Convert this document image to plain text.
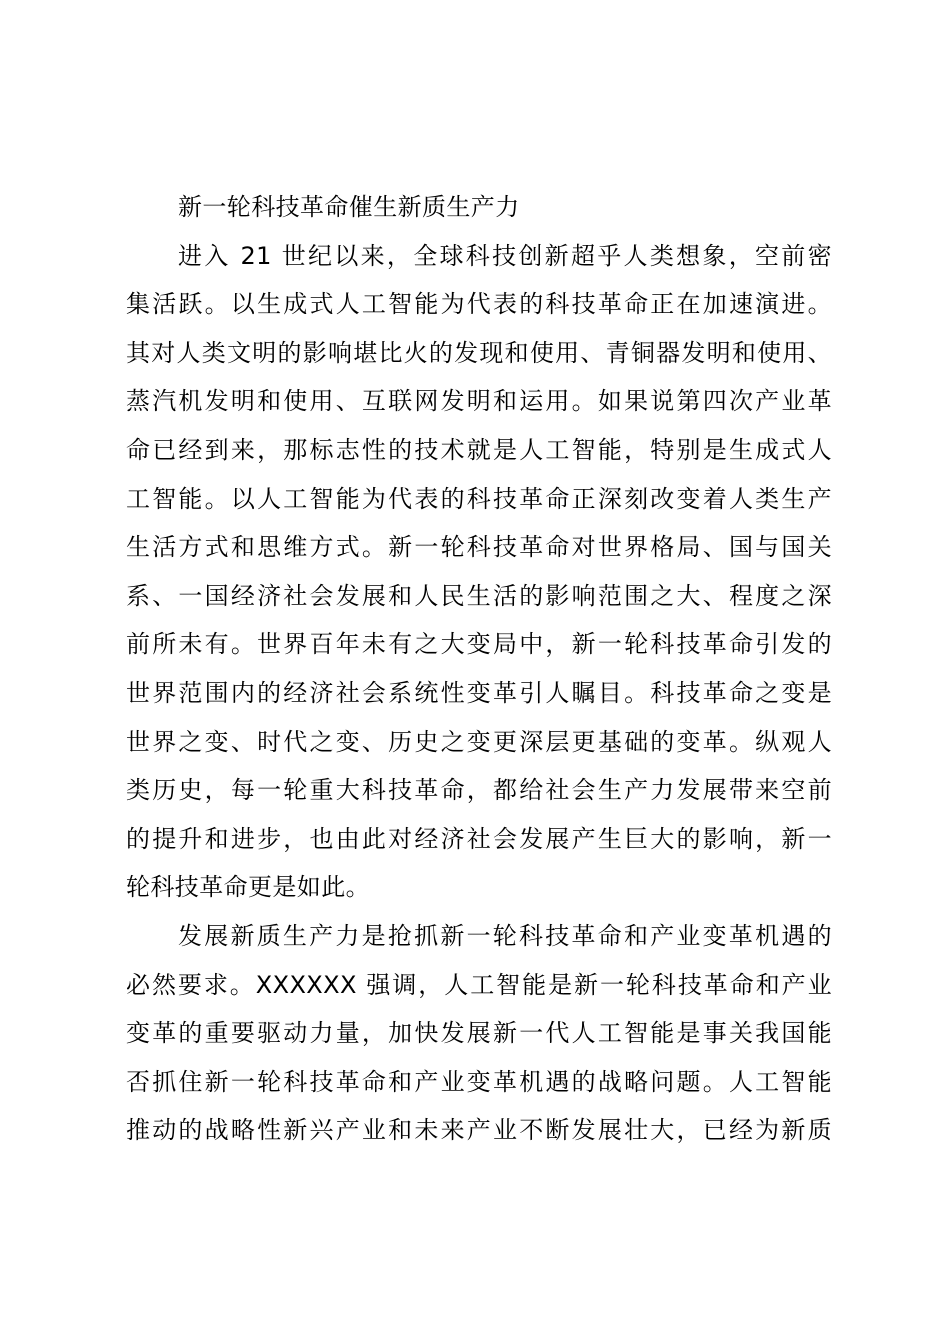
新一轮科技革命催生新质生产力
进入 21 世纪以来，全球科技创新超乎人类想象，空前密
集活跃。以生成式人工智能为代表的科技革命正在加速演进。
其对人类文明的影响堪比火的发现和使用、青铜器发明和使用、
蒸汽机发明和使用、互联网发明和运用。如果说第四次产业革
命已经到来，那标志性的技术就是人工智能，特别是生成式人
工智能。以人工智能为代表的科技革命正深刻改变着人类生产
生活方式和思维方式。新一轮科技革命对世界格局、国与国关
系、一国经济社会发展和人民生活的影响范围之大、程度之深
前所未有。世界百年未有之大变局中，新一轮科技革命引发的
世界范围内的经济社会系统性变革引人瞩目。科技革命之变是
世界之变、时代之变、历史之变更深层更基础的变革。纵观人
类历史，每一轮重大科技革命，都给社会生产力发展带来空前
的提升和进步，也由此对经济社会发展产生巨大的影响，新一
轮科技革命更是如此。
发展新质生产力是抢抓新一轮科技革命和产业变革机遇的
必然要求。XXXXXX 强调，人工智能是新一轮科技革命和产业
变革的重要驱动力量，加快发展新一代人工智能是事关我国能
否抓住新一轮科技革命和产业变革机遇的战略问题。人工智能
推动的战略性新兴产业和未来产业不断发展壮大，已经为新质
